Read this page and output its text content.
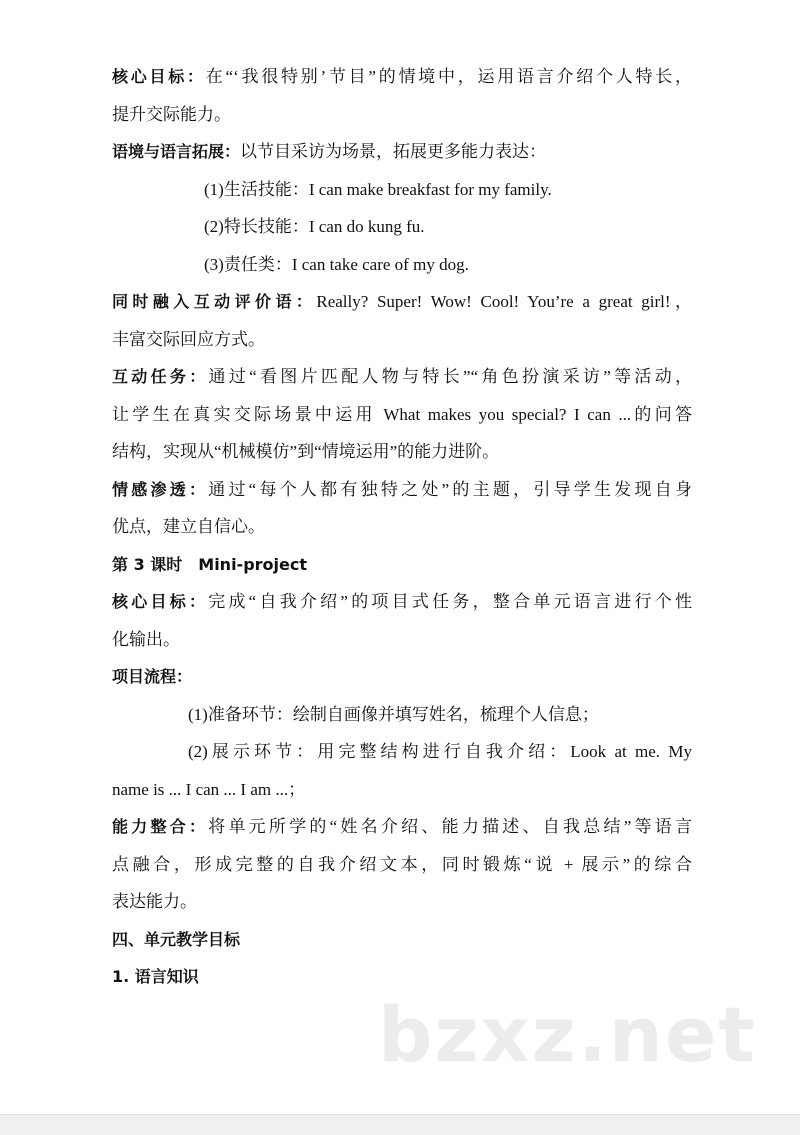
核心目标：在“‘我很特别’节目”的情境中，运用语言介绍个人特长，
提升交际能力。
语境与语言拓展：以节目采访为场景，拓展更多能力表达：
(1)生活技能：I can make breakfast for my family.
(2)特长技能：I can do kung fu.
(3)责任类：I can take care of my dog.
同时融入互动评价语：Really? Super! Wow! Cool! You’re a great girl!，
丰富交际回应方式。
互动任务：通过“看图片匹配人物与特长”“角色扮演采访”等活动，
让学生在真实交际场景中运用 What makes you special? I can ...的问答
结构，实现从“机械模仿”到“情境运用”的能力进阶。
情感渗透：通过“每个人都有独特之处”的主题，引导学生发现自身
优点，建立自信心。
第 3 课时　Mini-project
核心目标：完成“自我介绍”的项目式任务，整合单元语言进行个性
化输出。
项目流程：
(1)准备环节：绘制自画像并填写姓名，梳理个人信息；
(2)展示环节：用完整结构进行自我介绍：Look at me. My
name is ... I can ... I am ...；
能力整合：将单元所学的“姓名介绍、能力描述、自我总结”等语言
点融合，形成完整的自我介绍文本，同时锻炼“说 + 展示”的综合
表达能力。
四、单元教学目标
1. 语言知识
bzxz.net
